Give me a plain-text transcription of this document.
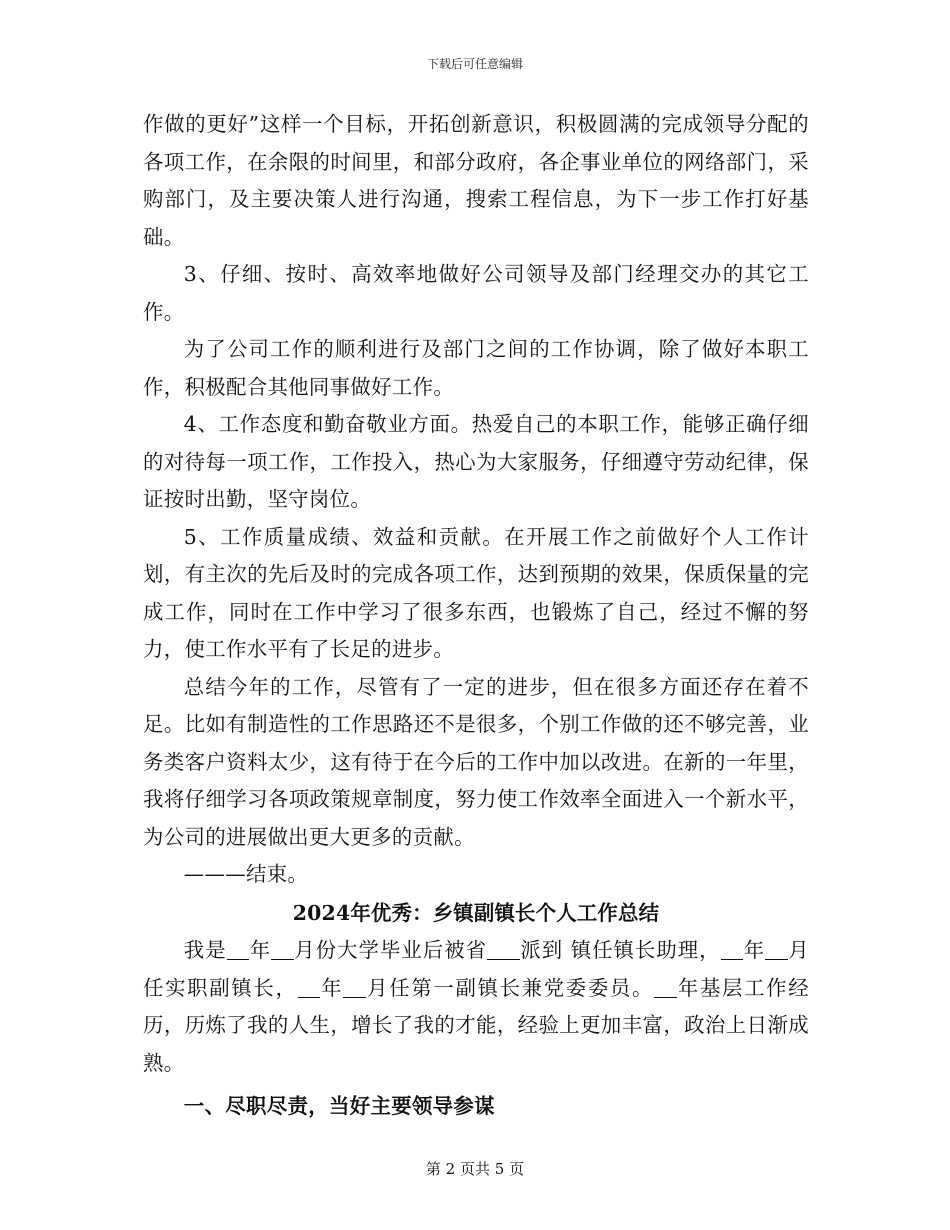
下载后可任意编辑

作做的更好”这样一个目标，开拓创新意识，积极圆满的完成领导分配的各项工作，在余限的时间里，和部分政府，各企事业单位的网络部门，采购部门，及主要决策人进行沟通，搜索工程信息，为下一步工作打好基础。

3、仔细、按时、高效率地做好公司领导及部门经理交办的其它工作。

为了公司工作的顺利进行及部门之间的工作协调，除了做好本职工作，积极配合其他同事做好工作。

4、工作态度和勤奋敬业方面。热爱自己的本职工作，能够正确仔细的对待每一项工作，工作投入，热心为大家服务，仔细遵守劳动纪律，保证按时出勤，坚守岗位。

5、工作质量成绩、效益和贡献。在开展工作之前做好个人工作计划，有主次的先后及时的完成各项工作，达到预期的效果，保质保量的完成工作，同时在工作中学习了很多东西，也锻炼了自己，经过不懈的努力，使工作水平有了长足的进步。

总结今年的工作，尽管有了一定的进步，但在很多方面还存在着不足。比如有制造性的工作思路还不是很多，个别工作做的还不够完善，业务类客户资料太少，这有待于在今后的工作中加以改进。在新的一年里，我将仔细学习各项政策规章制度，努力使工作效率全面进入一个新水平，为公司的进展做出更大更多的贡献。

———结束。

2024年优秀：乡镇副镇长个人工作总结

我是 年 月份大学毕业后被省 派到 镇任镇长助理， 年 月任实职副镇长， 年 月任第一副镇长兼党委委员。 年基层工作经历，历炼了我的人生，增长了我的才能，经验上更加丰富，政治上日渐成熟。

一、尽职尽责，当好主要领导参谋

第 2 页共 5 页
